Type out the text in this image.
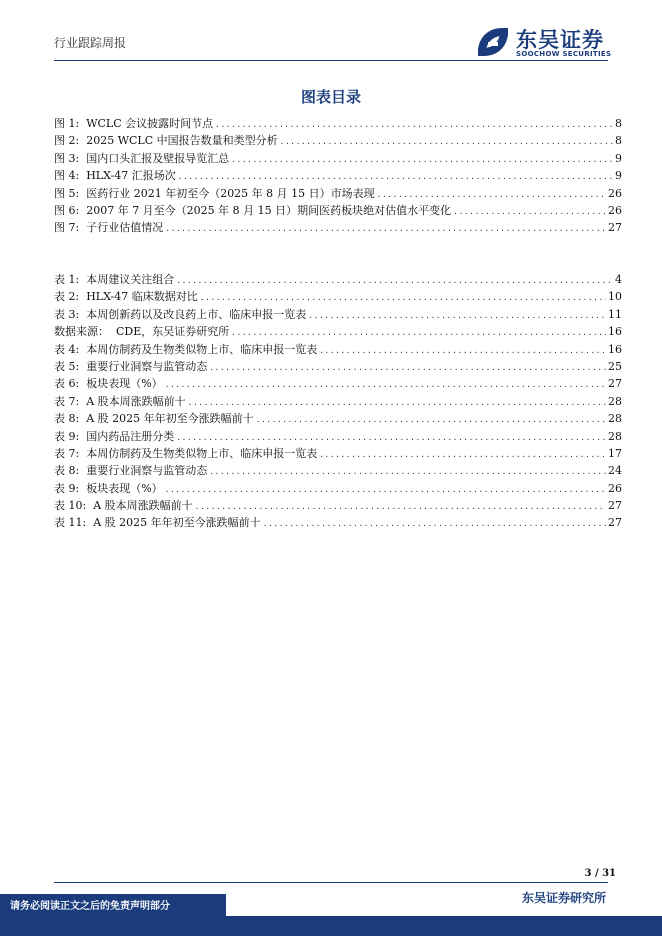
行业跟踪周报	东吴证券
SOOCHOW SECURITIES
图表目录
图 1: WCLC 会议披露时间节点 .....	8
图 2: 2025 WCLC 中国报告数量和类型分析 .....	8
图 3: 国内口头汇报及壁报导览汇总 .....	9
图 4: HLX-47 汇报场次 .....	9
图 5: 医药行业 2021 年初至今（2025 年 8 月 15 日）市场表现 .....	26
图 6: 2007 年 7 月至今（2025 年 8 月 15 日）期间医药板块绝对估值水平变化 .....	26
图 7: 子行业估值情况 .....	27
表 1: 本周建议关注组合 .....	4
表 2: HLX-47 临床数据对比 .....	10
表 3: 本周创新药以及改良药上市、临床申报一览表 .....	11
数据来源： CDE，东吴证券研究所 .....	16
表 4: 本周仿制药及生物类似物上市、临床申报一览表 .....	16
表 5: 重要行业洞察与监管动态 .....	25
表 6: 板块表现（%） .....	27
表 7: A 股本周涨跌幅前十 .....	28
表 8: A 股 2025 年年初至今涨跌幅前十 .....	28
表 9: 国内药品注册分类 .....	28
表 7: 本周仿制药及生物类似物上市、临床申报一览表 .....	17
表 8: 重要行业洞察与监管动态 .....	24
表 9: 板块表现（%） .....	26
表 10: A 股本周涨跌幅前十 .....	27
表 11: A 股 2025 年年初至今涨跌幅前十 .....	27
3 / 31
东吴证券研究所
请务必阅读正文之后的免责声明部分
